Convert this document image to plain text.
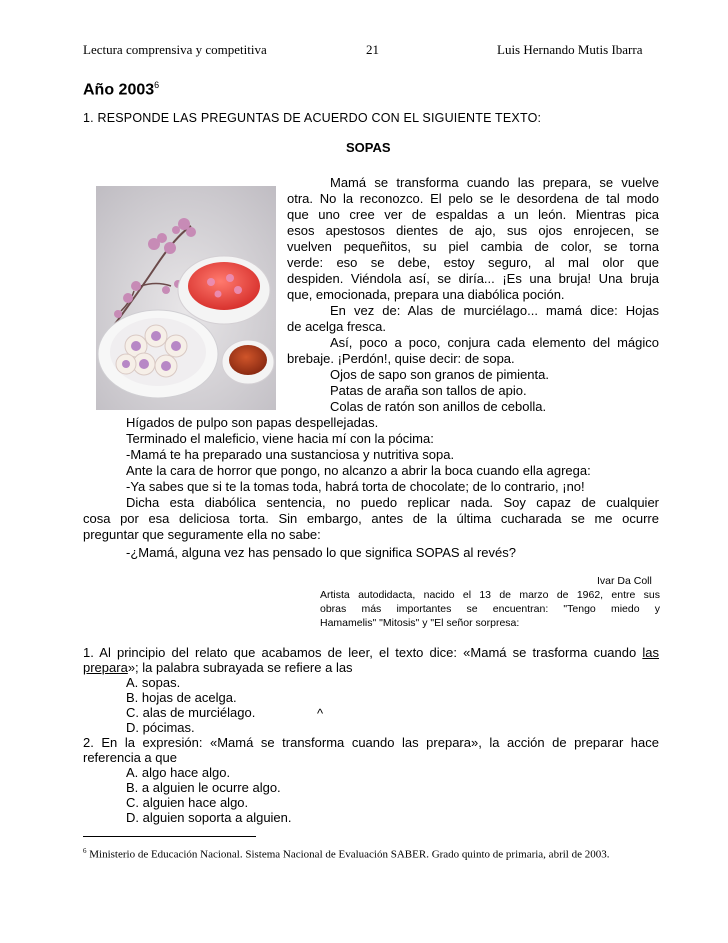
Lectura comprensiva y competitiva	21	Luis Hernando Mutis Ibarra
Año 2003$^6$
1. RESPONDE LAS PREGUNTAS DE ACUERDO CON EL SIGUIENTE TEXTO:
SOPAS
Mamá se transforma cuando las prepara, se vuelve
otra. No la reconozco. El pelo se le desordena de tal modo
que uno cree ver de espaldas a un león. Mientras pica
esos apestosos dientes de ajo, sus ojos enrojecen, se
vuelven pequeñitos, su piel cambia de color, se torna
verde: eso se debe, estoy seguro, al mal olor que
despiden. Viéndola así, se diría... ¡Es una bruja! Una bruja
que, emocionada, prepara una diabólica poción.
En vez de: Alas de murciélago... mamá dice: Hojas
de acelga fresca.
Así, poco a poco, conjura cada elemento del mágico
brebaje. ¡Perdón!, quise decir: de sopa.
Ojos de sapo son granos de pimienta.
Patas de araña son tallos de apio.
Colas de ratón son anillos de cebolla.
Hígados de pulpo son papas despellejadas.
Terminado el maleficio, viene hacia mí con la pócima:
-Mamá te ha preparado una sustanciosa y nutritiva sopa.
Ante la cara de horror que pongo, no alcanzo a abrir la boca cuando ella agrega:
-Ya sabes que si te la tomas toda, habrá torta de chocolate; de lo contrario, ¡no!
Dicha esta diabólica sentencia, no puedo replicar nada. Soy capaz de cualquier
cosa por esa deliciosa torta. Sin embargo, antes de la última cucharada se me ocurre
preguntar que seguramente ella no sabe:
-¿Mamá, alguna vez has pensado lo que significa SOPAS al revés?
Ivar Da Coll
Artista autodidacta, nacido el 13 de marzo de 1962, entre sus
obras más importantes se encuentran: "Tengo miedo y
Hamamelis" "Mitosis" y "El señor sorpresa:
1. Al principio del relato que acabamos de leer, el texto dice: «Mamá se trasforma cuando las
prepara»; la palabra subrayada se refiere a las
A. sopas.
B. hojas de acelga.
C. alas de murciélago.	^
D. pócimas.
2. En la expresión: «Mamá se transforma cuando las prepara», la acción de preparar hace
referencia a que
A. algo hace algo.
B. a alguien le ocurre algo.
C. alguien hace algo.
D. alguien soporta a alguien.
$^6$ Ministerio de Educación Nacional. Sistema Nacional de Evaluación SABER. Grado quinto de primaria, abril de 2003.
